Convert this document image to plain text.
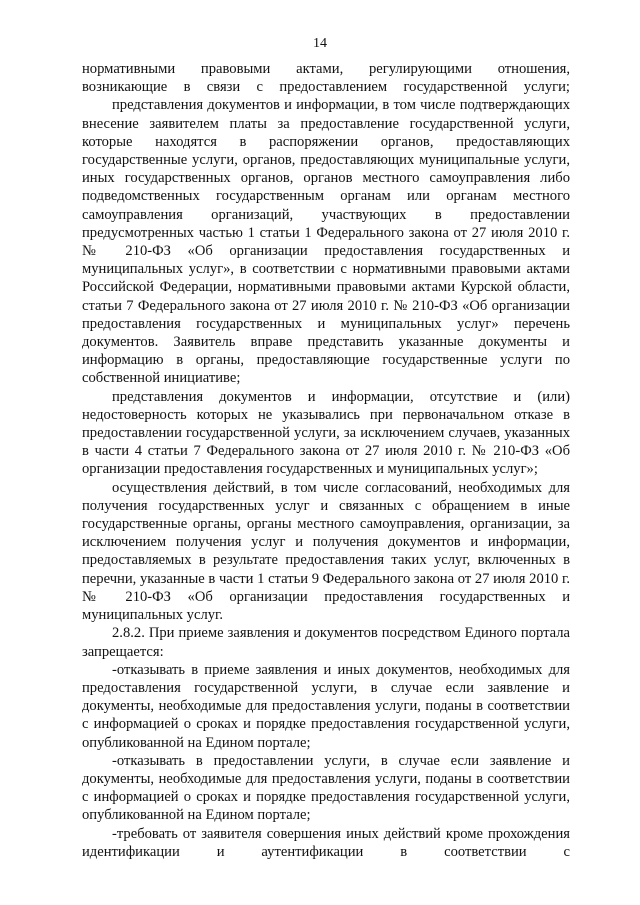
14

нормативными правовыми актами, регулирующими отношения, возникающие в связи с предоставлением государственной услуги;

представления документов и информации, в том числе подтверждающих внесение заявителем платы за предоставление государственной услуги, которые находятся в распоряжении органов, предоставляющих государственные услуги, органов, предоставляющих муниципальные услуги, иных государственных органов, органов местного самоуправления либо подведомственных государственным органам или органам местного самоуправления организаций, участвующих в предоставлении предусмотренных частью 1 статьи 1 Федерального закона от 27 июля 2010 г. № 210-ФЗ «Об организации предоставления государственных и муниципальных услуг», в соответствии с нормативными правовыми актами Российской Федерации, нормативными правовыми актами Курской области, статьи 7 Федерального закона от 27 июля 2010 г. № 210-ФЗ «Об организации предоставления государственных и муниципальных услуг» перечень документов. Заявитель вправе представить указанные документы и информацию в органы, предоставляющие государственные услуги по собственной инициативе;

представления документов и информации, отсутствие и (или) недостоверность которых не указывались при первоначальном отказе в предоставлении государственной услуги, за исключением случаев, указанных в части 4 статьи 7 Федерального закона от 27 июля 2010 г. № 210-ФЗ «Об организации предоставления государственных и муниципальных услуг»;

осуществления действий, в том числе согласований, необходимых для получения государственных услуг и связанных с обращением в иные государственные органы, органы местного самоуправления, организации, за исключением получения услуг и получения документов и информации, предоставляемых в результате предоставления таких услуг, включенных в перечни, указанные в части 1 статьи 9 Федерального закона от 27 июля 2010 г. № 210-ФЗ «Об организации предоставления государственных и муниципальных услуг.

2.8.2. При приеме заявления и документов посредством Единого портала запрещается:

-отказывать в приеме заявления и иных документов, необходимых для предоставления государственной услуги, в случае если заявление и документы, необходимые для предоставления услуги, поданы в соответствии с информацией о сроках и порядке предоставления государственной услуги, опубликованной на Едином портале;

-отказывать в предоставлении услуги, в случае если заявление и документы, необходимые для предоставления услуги, поданы в соответствии с информацией о сроках и порядке предоставления государственной услуги, опубликованной на Едином портале;

-требовать от заявителя совершения иных действий кроме прохождения идентификации и аутентификации в соответствии с
